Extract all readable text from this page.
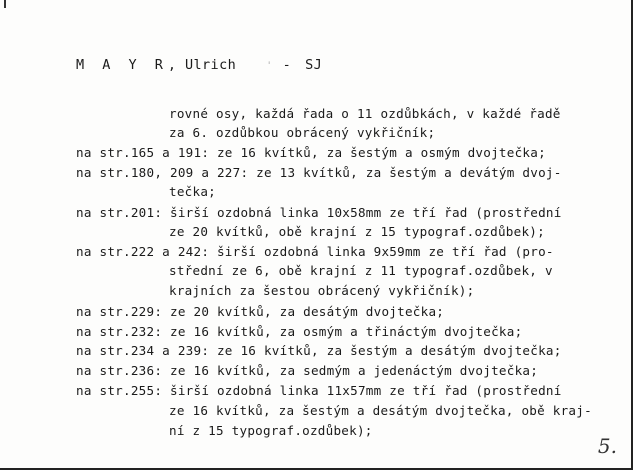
M A Y R, Ulrich	ˈ - SJ
rovné osy, každá řada o 11 ozdůbkách, v každé řadě
za 6. ozdůbkou obrácený vykřičník;
na str.165 a 191: ze 16 kvítků, za šestým a osmým dvojtečka;
na str.180, 209 a 227: ze 13 kvítků, za šestým a devátým dvoj-
tečka;
na str.201: širší ozdobná linka 10x58mm ze tří řad (prostřední
ze 20 kvítků, obě krajní z 15 typograf.ozdůbek);
na str.222 a 242: širší ozdobná linka 9x59mm ze tří řad (pro-
střední ze 6, obě krajní z 11 typograf.ozdůbek, v
krajních za šestou obrácený vykřičník);
na str.229: ze 20 kvítků, za desátým dvojtečka;
na str.232: ze 16 kvítků, za osmým a třináctým dvojtečka;
na str.234 a 239: ze 16 kvítků, za šestým a desátým dvojtečka;
na str.236: ze 16 kvítků, za sedmým a jedenáctým dvojtečka;
na str.255: širší ozdobná linka 11x57mm ze tří řad (prostřední
ze 16 kvítků, za šestým a desátým dvojtečka, obě kraj-
ní z 15 typograf.ozdůbek);
5.
